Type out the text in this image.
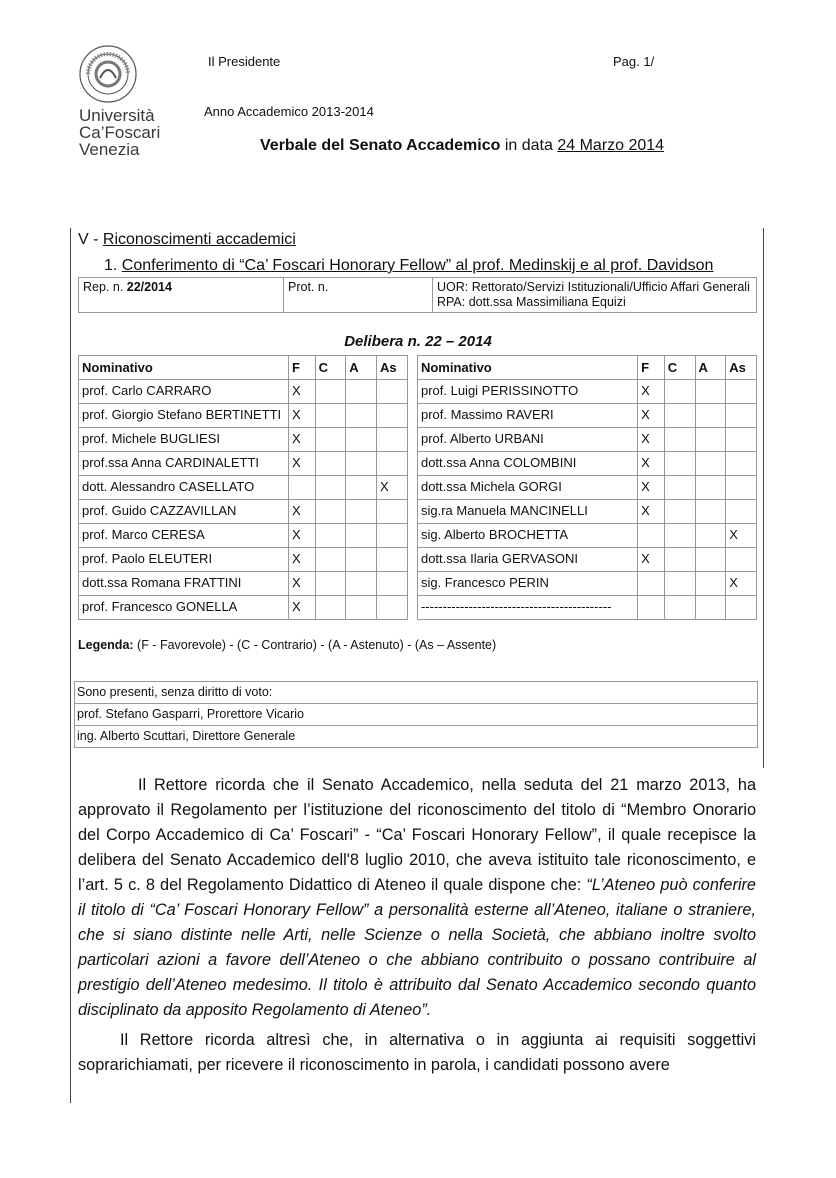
Università
Ca’Foscari
Venezia
Il Presidente	Pag. 1/
Anno Accademico 2013-2014
Verbale del Senato Accademico in data 24 Marzo 2014
V - Riconoscimenti accademici
1. Conferimento di “Ca’ Foscari Honorary Fellow” al prof. Medinskij e al prof. Davidson
Rep. n. 22/2014	Prot. n.	UOR: Rettorato/Servizi Istituzionali/Ufficio Affari Generali
RPA: dott.ssa Massimiliana Equizi
Delibera n. 22 – 2014
Nominativo	F	C	A	As		Nominativo	F	C	A	As
prof. Carlo CARRARO	X					prof. Luigi PERISSINOTTO	X			
prof. Giorgio Stefano BERTINETTI	X					prof. Massimo RAVERI	X			
prof. Michele BUGLIESI	X					prof. Alberto URBANI	X			
prof.ssa Anna CARDINALETTI	X					dott.ssa Anna COLOMBINI	X			
dott. Alessandro CASELLATO				X		dott.ssa Michela GORGI	X			
prof. Guido CAZZAVILLAN	X					sig.ra Manuela MANCINELLI	X			
prof. Marco CERESA	X					sig. Alberto BROCHETTA				X
prof. Paolo ELEUTERI	X					dott.ssa Ilaria GERVASONI	X			
dott.ssa Romana FRATTINI	X					sig. Francesco PERIN				X
prof. Francesco GONELLA	X					--------------------------------------------				
Legenda: (F - Favorevole) - (C - Contrario) - (A - Astenuto) - (As – Assente)
Sono presenti, senza diritto di voto:
prof. Stefano Gasparri, Prorettore Vicario
ing. Alberto Scuttari, Direttore Generale
Il Rettore ricorda che il Senato Accademico, nella seduta del 21 marzo 2013, ha approvato il Regolamento per l’istituzione del riconoscimento del titolo di “Membro Onorario del Corpo Accademico di Ca’ Foscari” - “Ca’ Foscari Honorary Fellow”, il quale recepisce la delibera del Senato Accademico dell'8 luglio 2010, che aveva istituito tale riconoscimento, e l’art. 5 c. 8 del Regolamento Didattico di Ateneo il quale dispone che: “L’Ateneo può conferire il titolo di “Ca’ Foscari Honorary Fellow” a personalità esterne all’Ateneo, italiane o straniere, che si siano distinte nelle Arti, nelle Scienze o nella Società, che abbiano inoltre svolto particolari azioni a favore dell’Ateneo o che abbiano contribuito o possano contribuire al prestigio dell’Ateneo medesimo. Il titolo è attribuito dal Senato Accademico secondo quanto disciplinato da apposito Regolamento di Ateneo”.
Il Rettore ricorda altresì che, in alternativa o in aggiunta ai requisiti soggettivi soprarichiamati, per ricevere il riconoscimento in parola, i candidati possono avere
